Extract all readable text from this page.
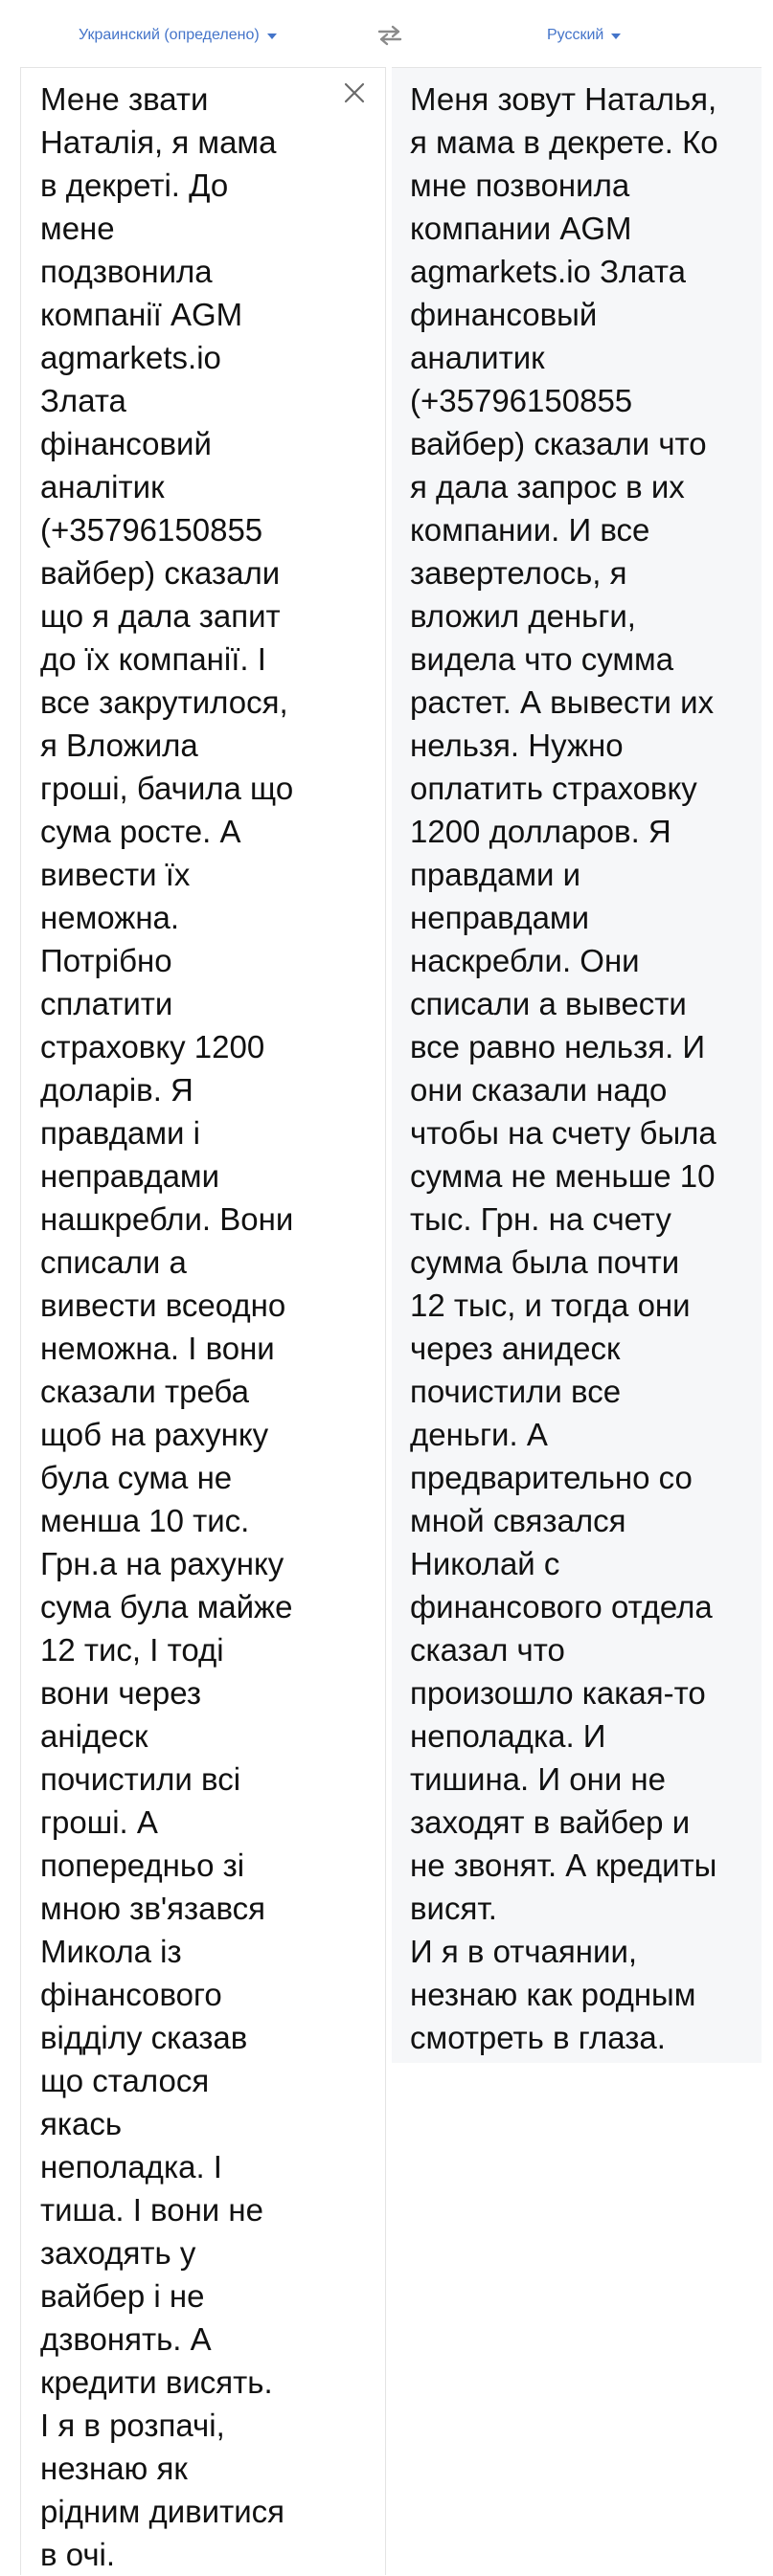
Украинский (определено)	Русский
Мене звати
Наталія, я мама
в декреті. До
мене
подзвонила
компанії AGM
agmarkets.io
Злата
фінансовий
аналітик
(+35796150855
вайбер) сказали
що я дала запит
до їх компанії. І
все закрутилося,
я Вложила
гроші, бачила що
сума росте. А
вивести їх
неможна.
Потрібно
сплатити
страховку 1200
доларів. Я
правдами і
неправдами
нашкребли. Вони
списали а
вивести всеодно
неможна. І вони
сказали треба
щоб на рахунку
була сума не
менша 10 тис.
Грн.а на рахунку
сума була майже
12 тис, І тоді
вони через
анідеск
почистили всі
гроші. А
попередньо зі
мною зв'язався
Микола із
фінансового
відділу сказав
що сталося
якась
неполадка. І
тиша. І вони не
заходять у
вайбер і не
дзвонять. А
кредити висять.
І я в розпачі,
незнаю як
рідним дивитися
в очі.
Меня зовут Наталья,
я мама в декрете. Ко
мне позвонила
компании AGM
agmarkets.io Злата
финансовый
аналитик
(+35796150855
вайбер) сказали что
я дала запрос в их
компании. И все
завертелось, я
вложил деньги,
видела что сумма
растет. А вывести их
нельзя. Нужно
оплатить страховку
1200 долларов. Я
правдами и
неправдами
наскребли. Они
списали а вывести
все равно нельзя. И
они сказали надо
чтобы на счету была
сумма не меньше 10
тыс. Грн. на счету
сумма была почти
12 тыс, и тогда они
через анидеск
почистили все
деньги. А
предварительно со
мной связался
Николай с
финансового отдела
сказал что
произошло какая-то
неполадка. И
тишина. И они не
заходят в вайбер и
не звонят. А кредиты
висят.
И я в отчаянии,
незнаю как родным
смотреть в глаза.
